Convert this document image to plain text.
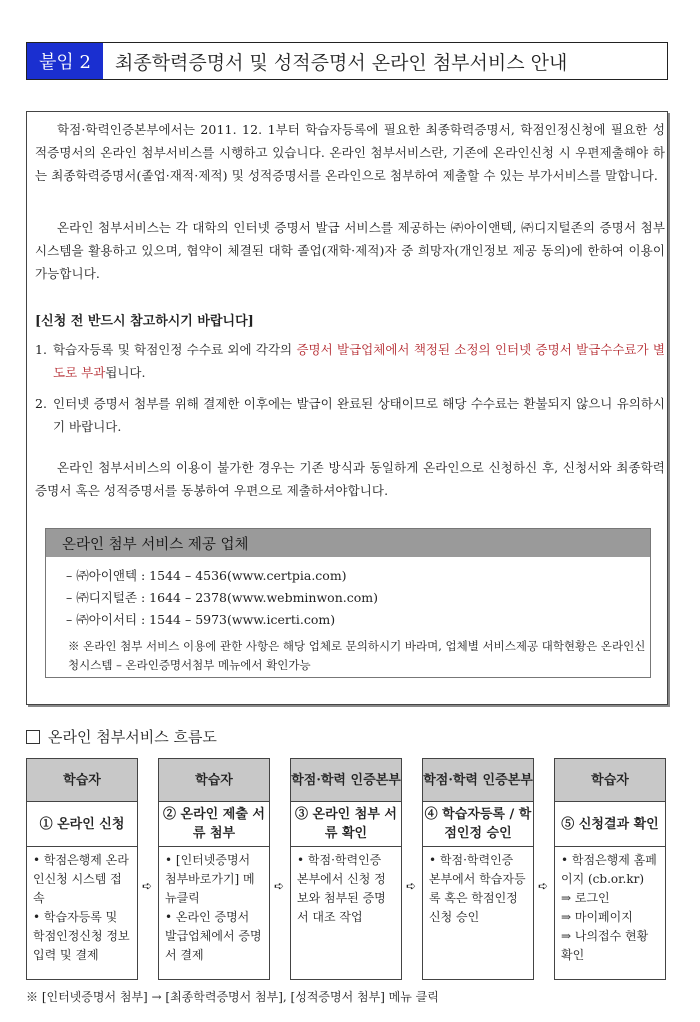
붙임 2	최종학력증명서 및 성적증명서 온라인 첨부서비스 안내

학점·학력인증본부에서는 2011. 12. 1부터 학습자등록에 필요한 최종학력증명서, 학점인정신청에 필요한 성적증명서의 온라인 첨부서비스를 시행하고 있습니다. 온라인 첨부서비스란, 기존에 온라인신청 시 우편제출해야 하는 최종학력증명서(졸업·재적·제적) 및 성적증명서를 온라인으로 첨부하여 제출할 수 있는 부가서비스를 말합니다.

온라인 첨부서비스는 각 대학의 인터넷 증명서 발급 서비스를 제공하는 ㈜아이앤텍, ㈜디지털존의 증명서 첨부 시스템을 활용하고 있으며, 협약이 체결된 대학 졸업(재학·제적)자 중 희망자(개인정보 제공 동의)에 한하여 이용이 가능합니다.

[신청 전 반드시 참고하시기 바랍니다]
1. 학습자등록 및 학점인정 수수료 외에 각각의 증명서 발급업체에서 책정된 소정의 인터넷 증명서 발급수수료가 별도로 부과됩니다.
2. 인터넷 증명서 첨부를 위해 결제한 이후에는 발급이 완료된 상태이므로 해당 수수료는 환불되지 않으니 유의하시기 바랍니다.

온라인 첨부서비스의 이용이 불가한 경우는 기존 방식과 동일하게 온라인으로 신청하신 후, 신청서와 최종학력증명서 혹은 성적증명서를 동봉하여 우편으로 제출하셔야합니다.

온라인 첨부 서비스 제공 업체
– ㈜아이앤텍 : 1544 – 4536(www.certpia.com)
– ㈜디지털존 : 1644 – 2378(www.webminwon.com)
– ㈜아이서티 : 1544 – 5973(www.icerti.com)
※ 온라인 첨부 서비스 이용에 관한 사항은 해당 업체로 문의하시기 바라며, 업체별 서비스제공 대학현황은 온라인신청시스템 – 온라인증명서첨부 메뉴에서 확인가능
온라인 첨부서비스 흐름도
학습자
① 온라인 신청
• 학점은행제 온라인신청 시스템 접속
• 학습자등록 및 학점인정신청 정보입력 및 결제
➪
학습자
② 온라인 제출 서류 첨부
• [인터넷증명서 첨부바로가기] 메뉴클릭
• 온라인 증명서 발급업체에서 증명서 결제
➪
학점·학력 인증본부
③ 온라인 첨부 서류 확인
• 학점·학력인증 본부에서 신청 정보와 첨부된 증명서 대조 작업
➪
학점·학력 인증본부
④ 학습자등록 / 학점인정 승인
• 학점·학력인증 본부에서 학습자등록 혹은 학점인정신청 승인
➪
학습자
⑤ 신청결과 확인
• 학점은행제 홈페이지 (cb.or.kr)
⇒ 로그인
⇒ 마이페이지
⇒ 나의접수 현황 확인
※ [인터넷증명서 첨부] → [최종학력증명서 첨부], [성적증명서 첨부] 메뉴 클릭
